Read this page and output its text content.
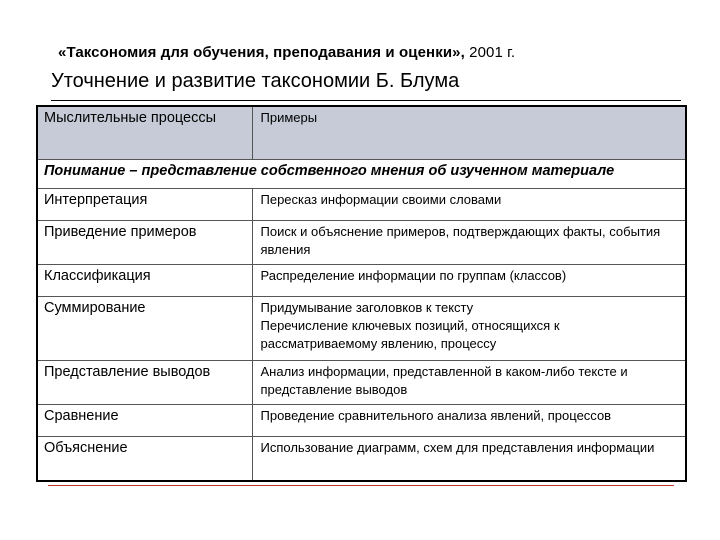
«Таксономия для обучения, преподавания и оценки», 2001 г.
Уточнение и развитие таксономии Б. Блума
Мыслительные процессы	Примеры
Понимание – представление собственного мнения об изученном материале	
Интерпретация	Пересказ информации своими словами

Приведение примеров	Поиск и объяснение примеров, подтверждающих факты, события явления

Классификация	Распределение информации по группам (классов)

Суммирование	Придумывание заголовков к тексту
Перечисление ключевых позиций, относящихся к рассматриваемому явлению, процессу

Представление выводов	Анализ информации, представленной в каком-либо тексте и представление выводов

Сравнение	Проведение сравнительного анализа явлений, процессов

Объяснение	Использование диаграмм, схем для представления информации
